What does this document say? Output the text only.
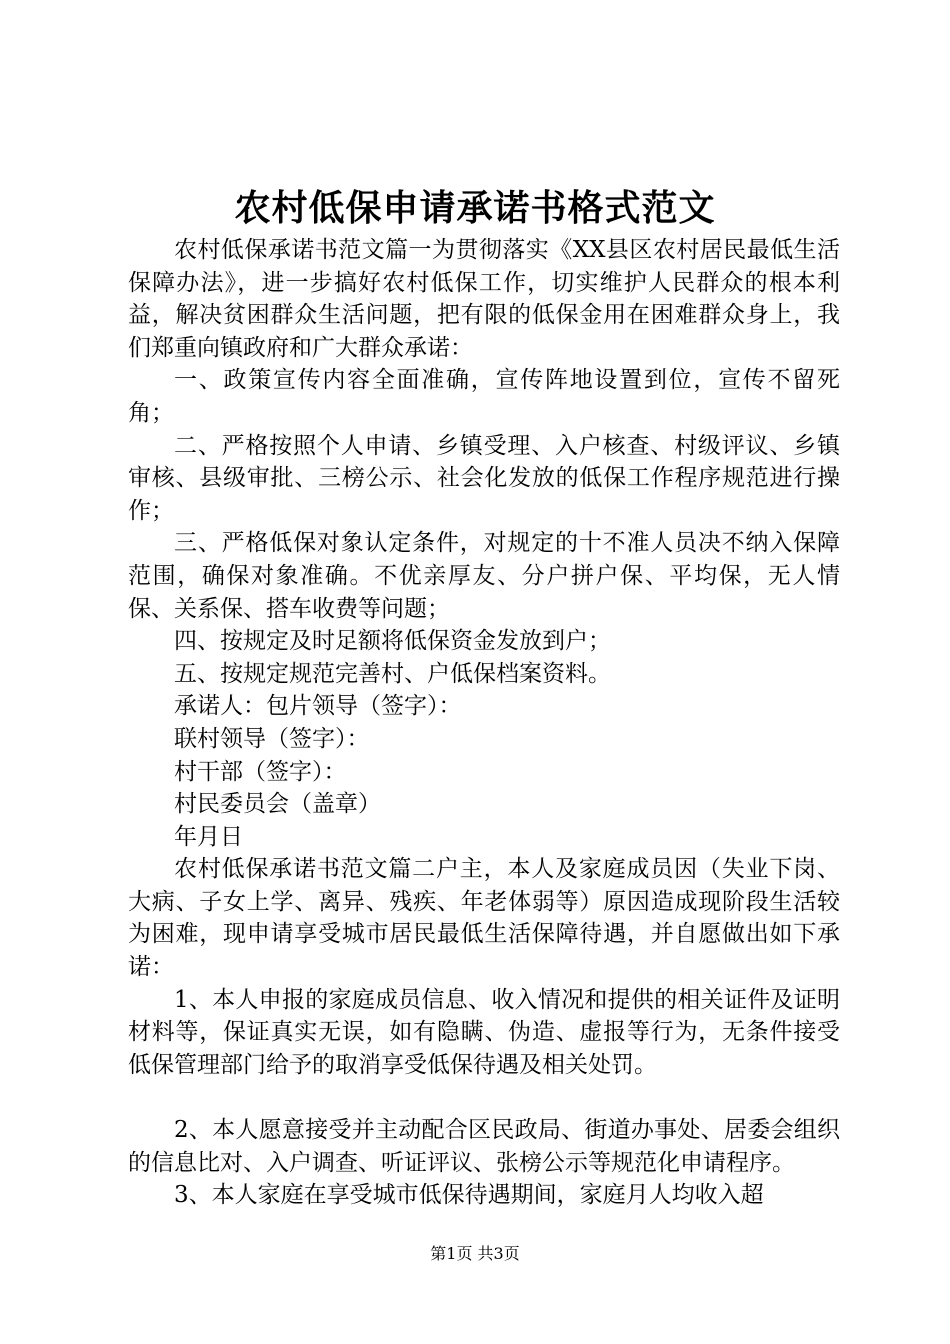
农村低保申请承诺书格式范文

农村低保承诺书范文篇一为贯彻落实《XX县区农村居民最低生活保障办法》，进一步搞好农村低保工作，切实维护人民群众的根本利益，解决贫困群众生活问题，把有限的低保金用在困难群众身上，我们郑重向镇政府和广大群众承诺：

一、政策宣传内容全面准确，宣传阵地设置到位，宣传不留死角；

二、严格按照个人申请、乡镇受理、入户核查、村级评议、乡镇审核、县级审批、三榜公示、社会化发放的低保工作程序规范进行操作；

三、严格低保对象认定条件，对规定的十不准人员决不纳入保障范围，确保对象准确。不优亲厚友、分户拼户保、平均保，无人情保、关系保、搭车收费等问题；

四、按规定及时足额将低保资金发放到户；

五、按规定规范完善村、户低保档案资料。

承诺人：包片领导（签字）：

联村领导（签字）：

村干部（签字）：

村民委员会（盖章）

年月日

农村低保承诺书范文篇二户主，本人及家庭成员因（失业下岗、大病、子女上学、离异、残疾、年老体弱等）原因造成现阶段生活较为困难，现申请享受城市居民最低生活保障待遇，并自愿做出如下承诺：

1、本人申报的家庭成员信息、收入情况和提供的相关证件及证明材料等，保证真实无误，如有隐瞒、伪造、虚报等行为，无条件接受低保管理部门给予的取消享受低保待遇及相关处罚。

2、本人愿意接受并主动配合区民政局、街道办事处、居委会组织的信息比对、入户调查、听证评议、张榜公示等规范化申请程序。

3、本人家庭在享受城市低保待遇期间，家庭月人均收入超

第1页 共3页
